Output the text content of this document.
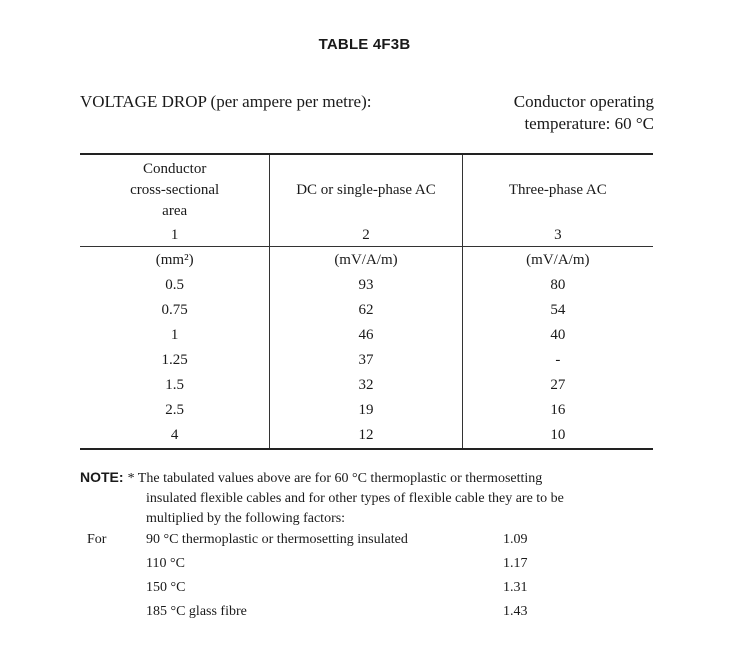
TABLE 4F3B
VOLTAGE DROP (per ampere per metre):	Conductor operating
temperature: 60 °C
Conductor
cross-sectional
area	DC or single-phase AC	Three-phase AC
1	2	3
(mm²)	(mV/A/m)	(mV/A/m)
0.5	93	80
0.75	62	54
1	46	40
1.25	37	-
1.5	32	27
2.5	19	16
4	12	10
NOTE: * The tabulated values above are for 60 °C thermoplastic or thermosetting
insulated flexible cables and for other types of flexible cable they are to be
multiplied by the following factors:
For	90 °C thermoplastic or thermosetting insulated	1.09
	110 °C	1.17
	150 °C	1.31
	185 °C glass fibre	1.43
